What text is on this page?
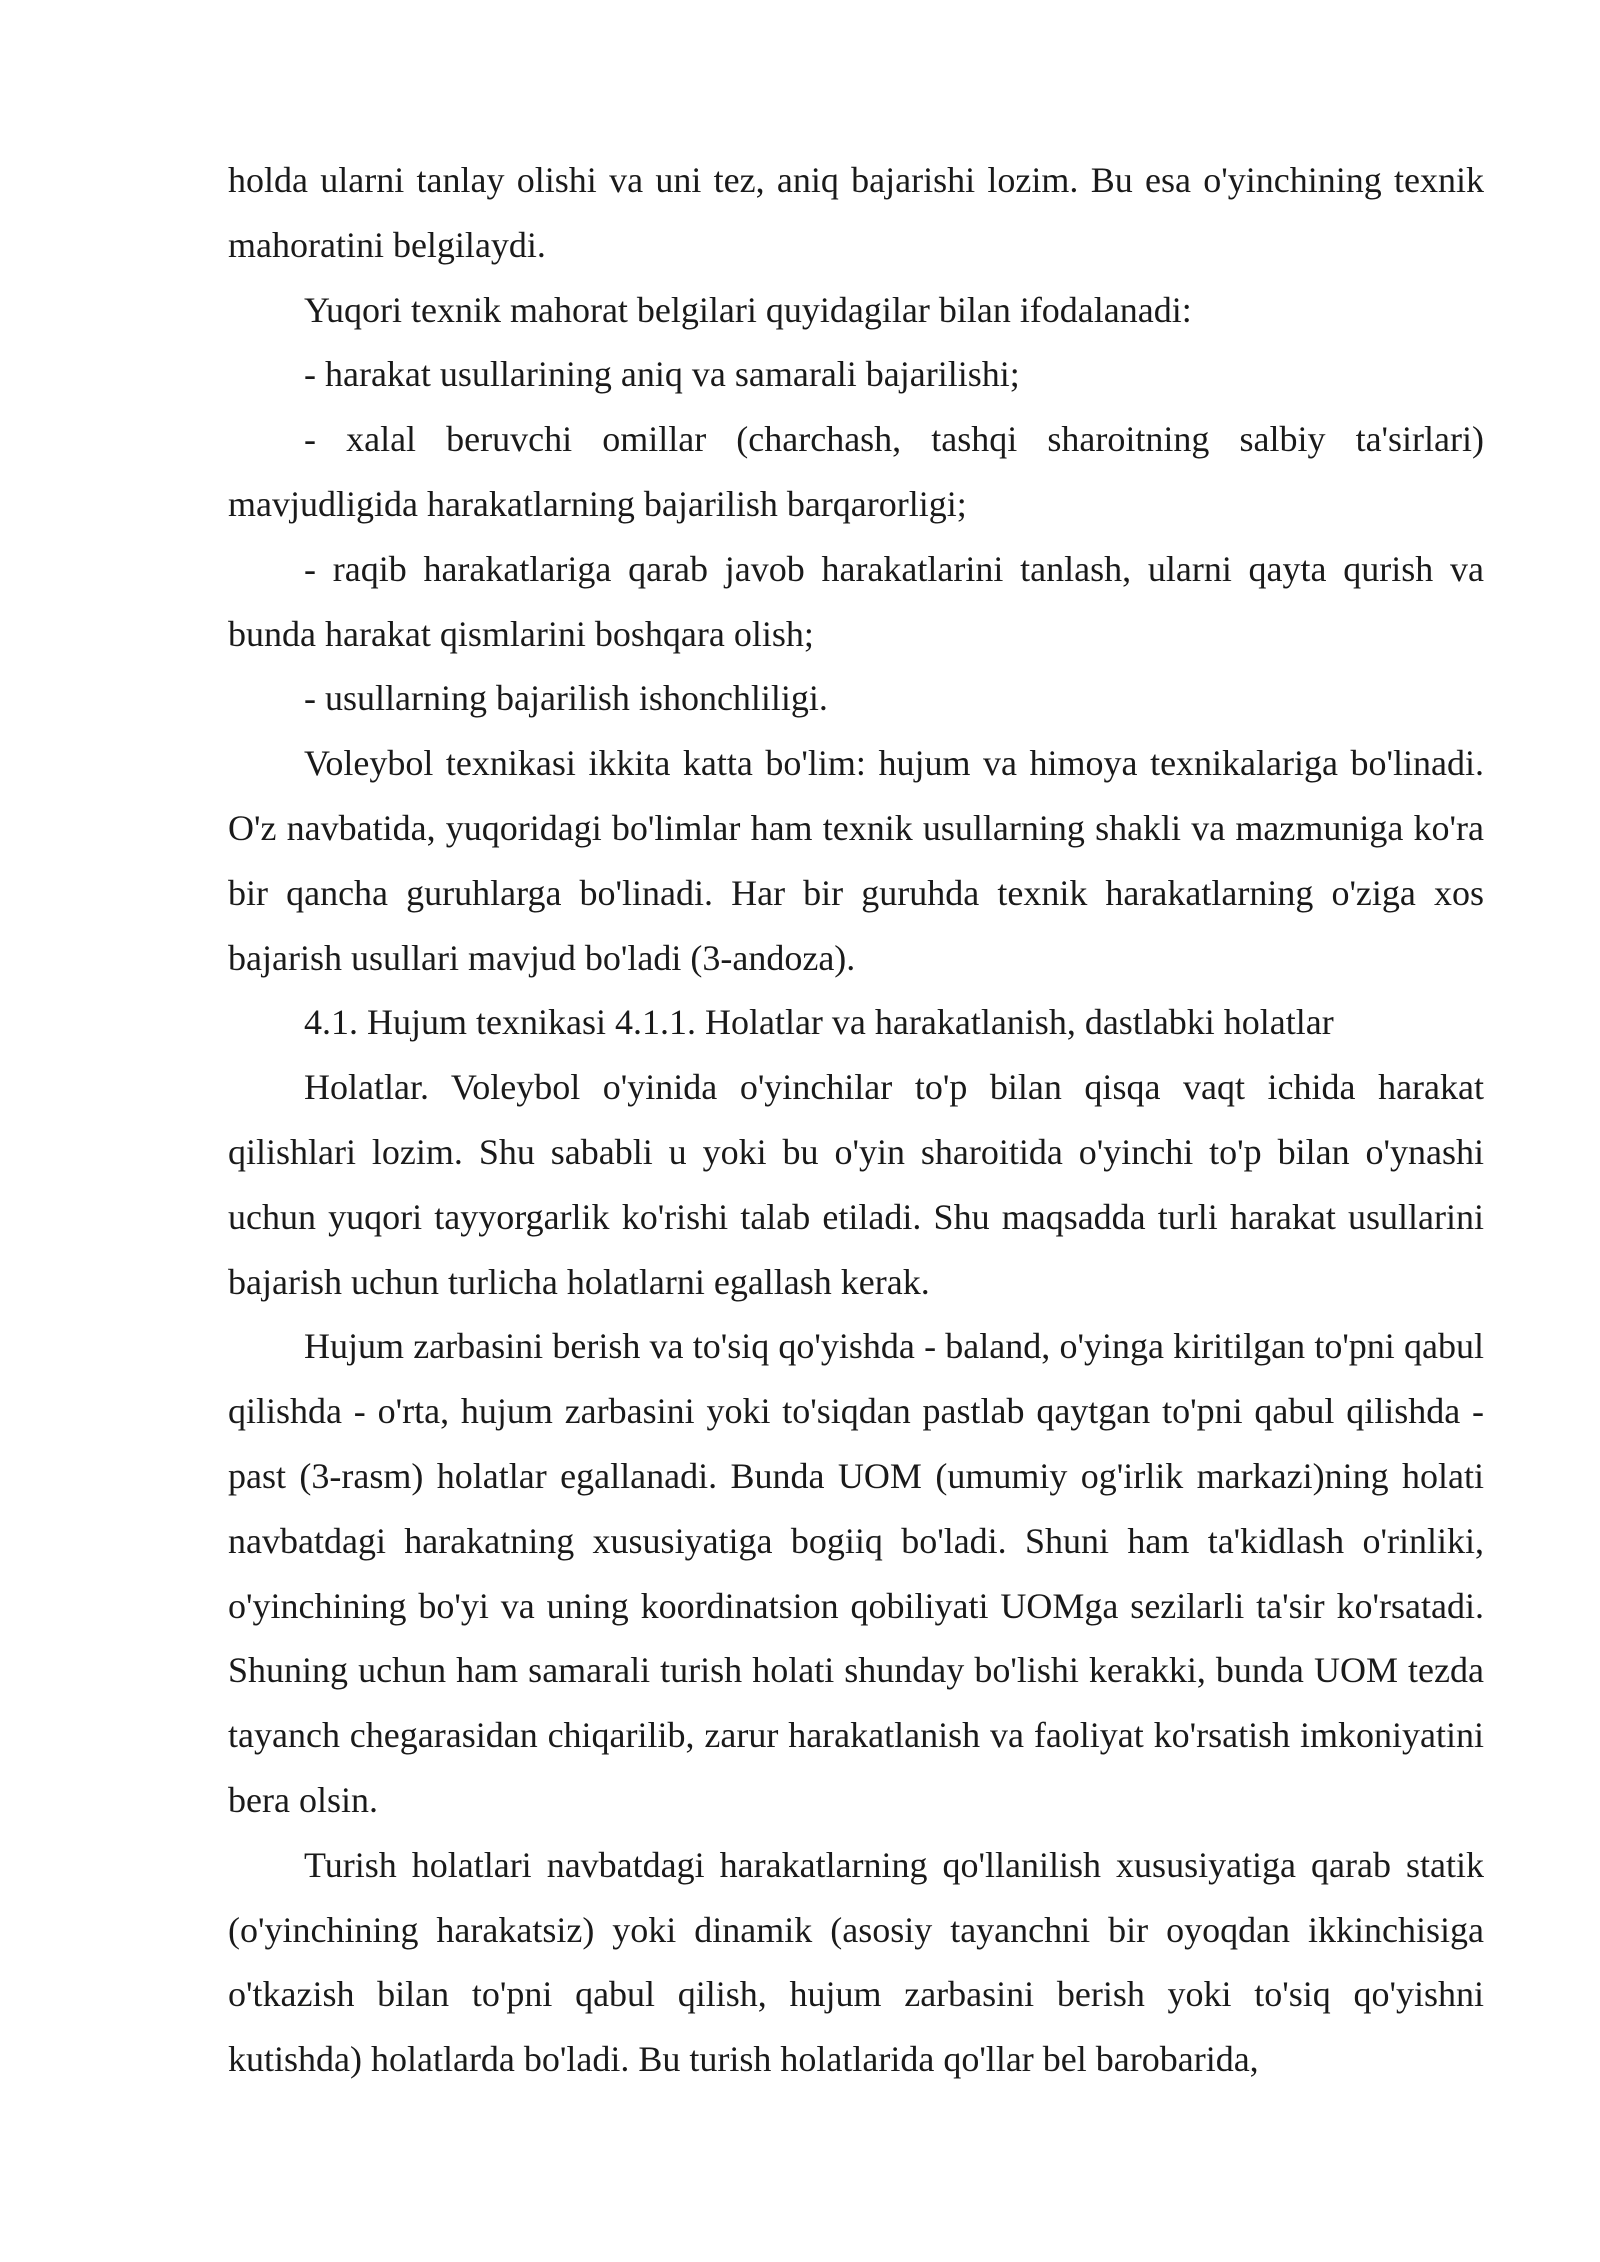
holda ularni tanlay olishi va uni tez, aniq bajarishi lozim. Bu esa o'yinchining texnik mahoratini belgilaydi.

Yuqori texnik mahorat belgilari quyidagilar bilan ifodalanadi:

- harakat usullarining aniq va samarali bajarilishi;

- xalal beruvchi omillar (charchash, tashqi sharoitning salbiy ta'sirlari) mavjudligida harakatlarning bajarilish barqarorligi;

- raqib harakatlariga qarab javob harakatlarini tanlash, ularni qayta qurish va bunda harakat qismlarini boshqara olish;

- usullarning bajarilish ishonchliligi.

Voleybol texnikasi ikkita katta bo'lim: hujum va himoya texnikalariga bo'linadi. O'z navbatida, yuqoridagi bo'limlar ham texnik usullarning shakli va mazmuniga ko'ra bir qancha guruhlarga bo'linadi. Har bir guruhda texnik harakatlarning o'ziga xos bajarish usullari mavjud bo'ladi (3-andoza).

4.1. Hujum texnikasi 4.1.1. Holatlar va harakatlanish, dastlabki holatlar

Holatlar. Voleybol o'yinida o'yinchilar to'p bilan qisqa vaqt ichida harakat qilishlari lozim. Shu sababli u yoki bu o'yin sharoitida o'yinchi to'p bilan o'ynashi uchun yuqori tayyorgarlik ko'rishi talab etiladi. Shu maqsadda turli harakat usullarini bajarish uchun turlicha holatlarni egallash kerak.

Hujum zarbasini berish va to'siq qo'yishda - baland, o'yinga kiritilgan to'pni qabul qilishda - o'rta, hujum zarbasini yoki to'siqdan pastlab qaytgan to'pni qabul qilishda - past (3-rasm) holatlar egallanadi. Bunda UOM (umumiy og'irlik markazi)ning holati navbatdagi harakatning xususiyatiga bogiiq bo'ladi. Shuni ham ta'kidlash o'rinliki, o'yinchining bo'yi va uning koordinatsion qobiliyati UOMga sezilarli ta'sir ko'rsatadi. Shuning uchun ham samarali turish holati shunday bo'lishi kerakki, bunda UOM tezda tayanch chegarasidan chiqarilib, zarur harakatlanish va faoliyat ko'rsatish imkoniyatini bera olsin.

Turish holatlari navbatdagi harakatlarning qo'llanilish xususiyatiga qarab statik (o'yinchining harakatsiz) yoki dinamik (asosiy tayanchni bir oyoqdan ikkinchisiga o'tkazish bilan to'pni qabul qilish, hujum zarbasini berish yoki to'siq qo'yishni kutishda) holatlarda bo'ladi. Bu turish holatlarida qo'llar bel barobarida,
